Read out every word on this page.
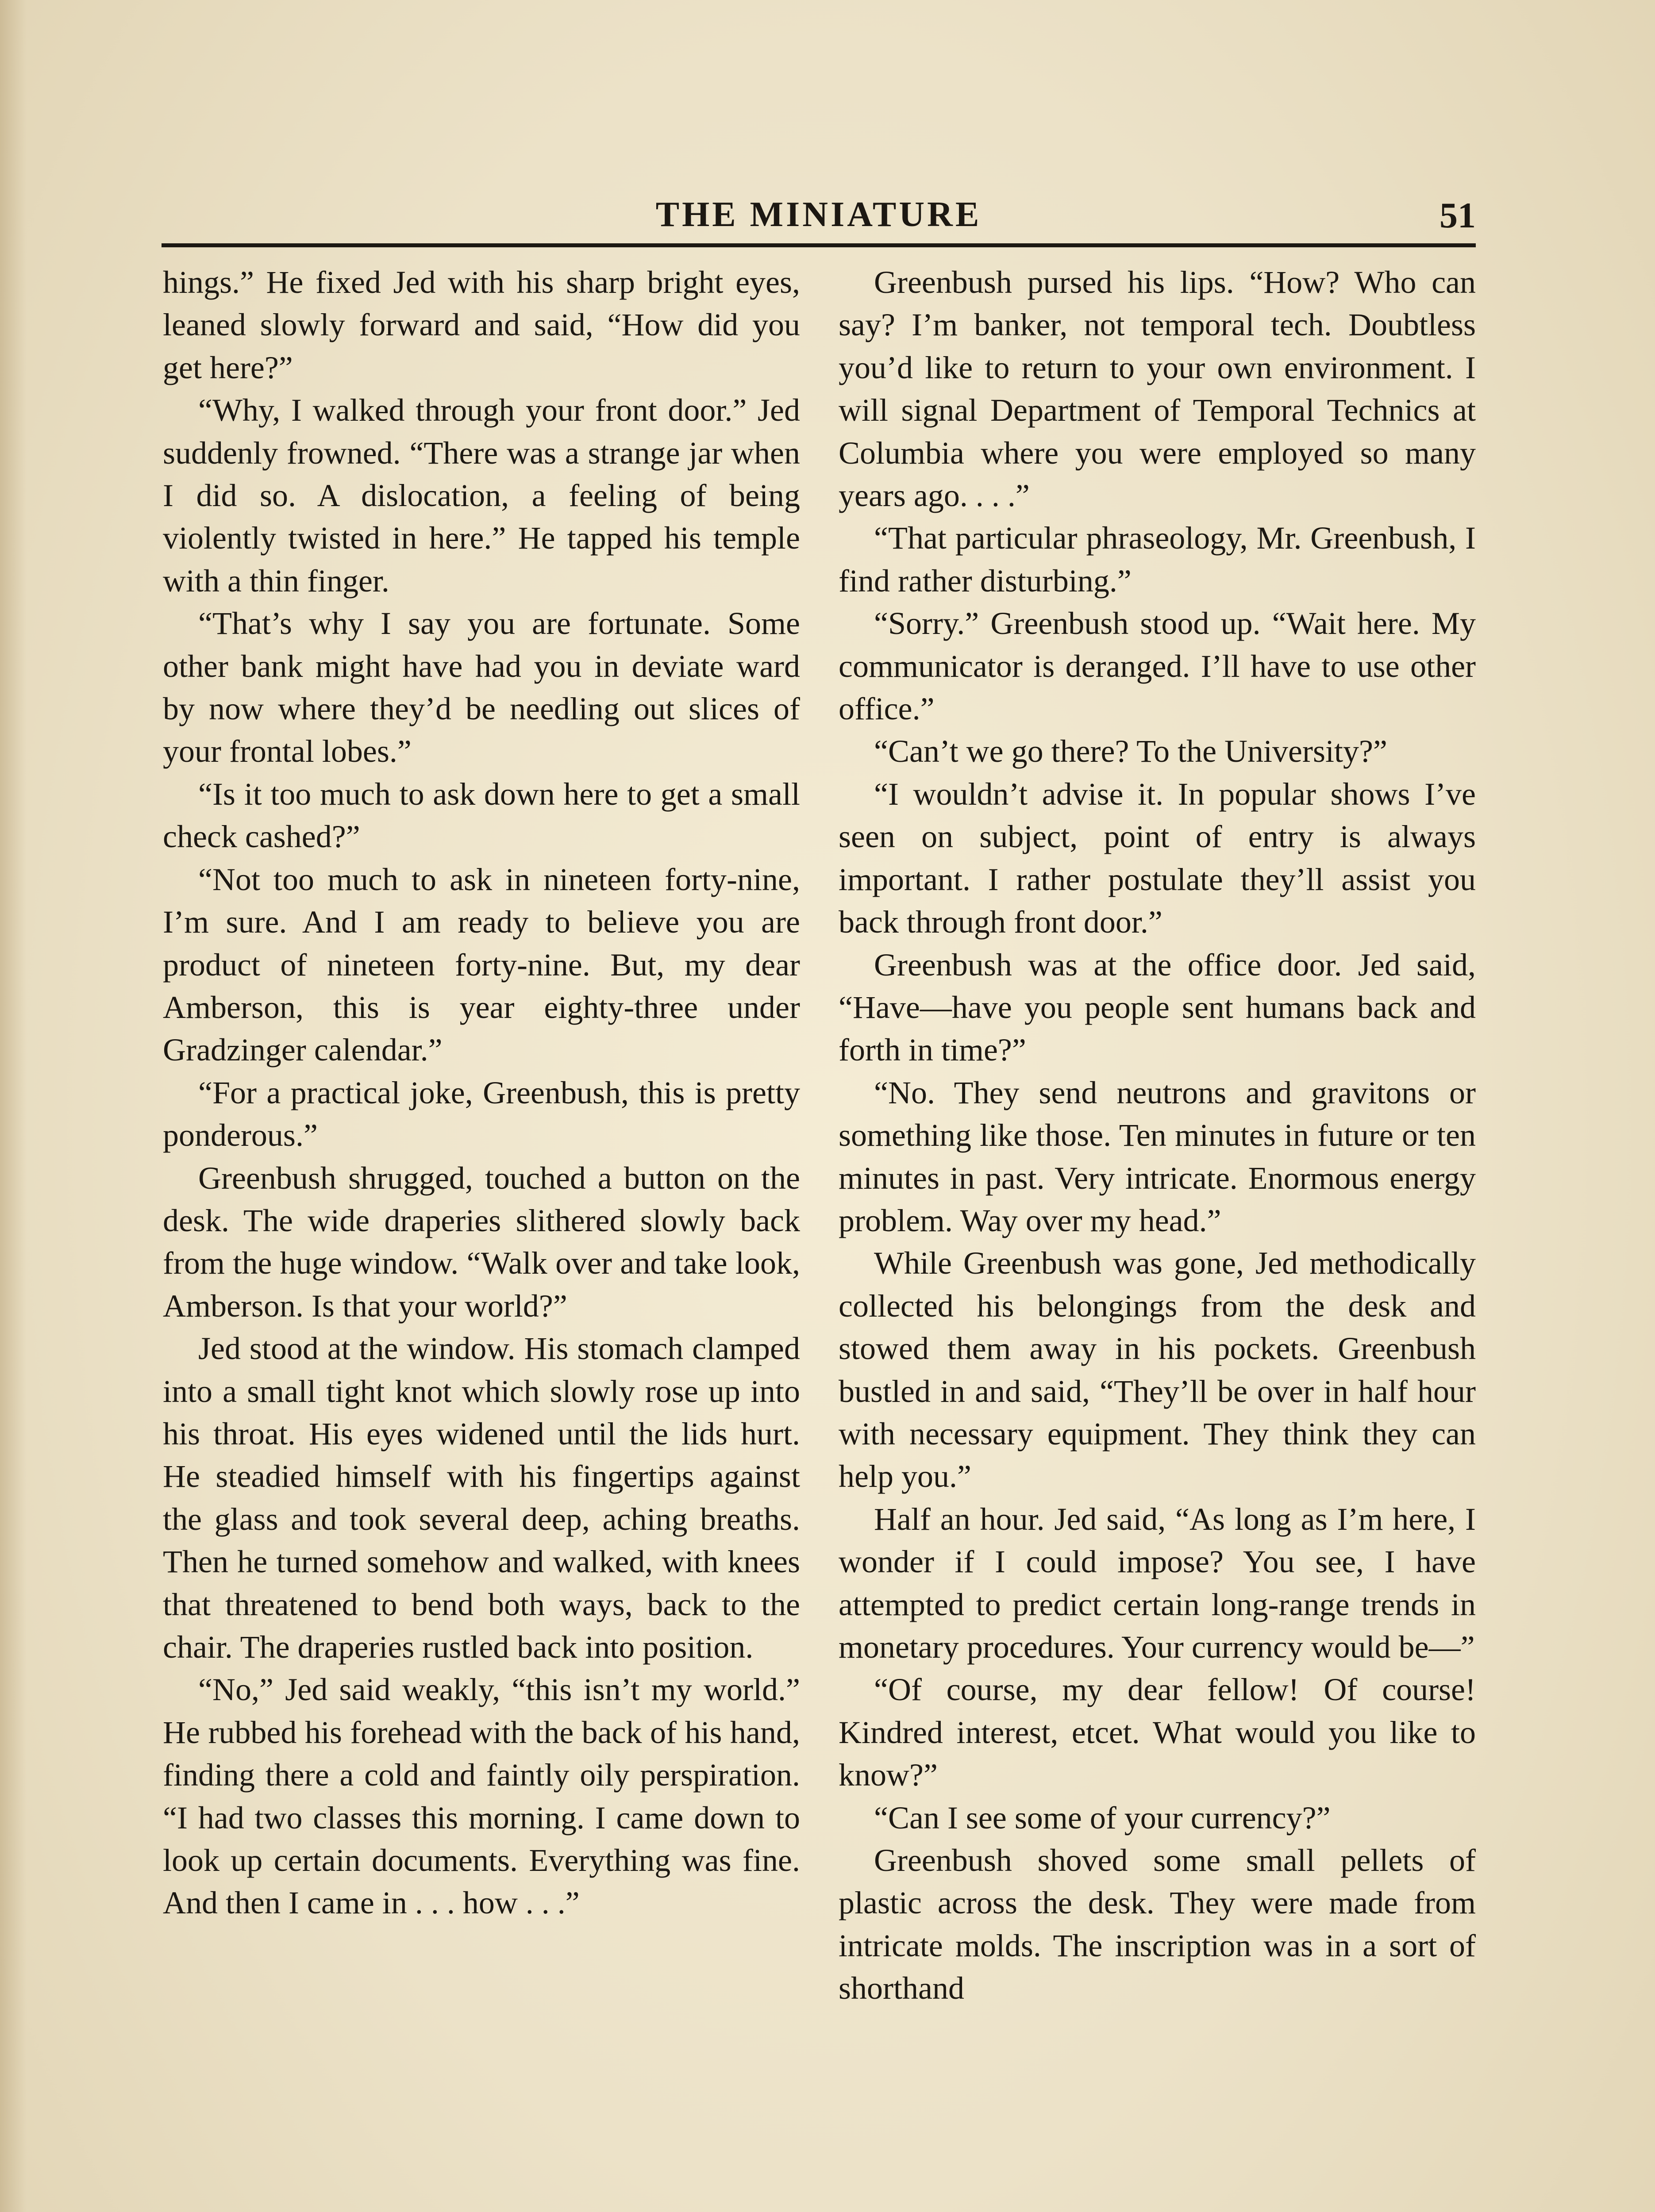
THE MINIATURE	51

hings.” He fixed Jed with his sharp bright eyes, leaned slowly forward and said, “How did you get here?”

“Why, I walked through your front door.” Jed suddenly frowned. “There was a strange jar when I did so. A dislocation, a feeling of being violently twisted in here.” He tapped his temple with a thin finger.

“That’s why I say you are fortunate. Some other bank might have had you in deviate ward by now where they’d be needling out slices of your frontal lobes.”

“Is it too much to ask down here to get a small check cashed?”

“Not too much to ask in nineteen forty-nine, I’m sure. And I am ready to believe you are product of nineteen forty-nine. But, my dear Amberson, this is year eighty-three under Gradzinger calendar.”

“For a practical joke, Greenbush, this is pretty ponderous.”

Greenbush shrugged, touched a button on the desk. The wide draperies slithered slowly back from the huge window. “Walk over and take look, Amberson. Is that your world?”

Jed stood at the window. His stomach clamped into a small tight knot which slowly rose up into his throat. His eyes widened until the lids hurt. He steadied himself with his fingertips against the glass and took several deep, aching breaths. Then he turned somehow and walked, with knees that threatened to bend both ways, back to the chair. The draperies rustled back into position.

“No,” Jed said weakly, “this isn’t my world.” He rubbed his forehead with the back of his hand, finding there a cold and faintly oily perspiration. “I had two classes this morning. I came down to look up certain documents. Everything was fine. And then I came in . . . how . . .”

Greenbush pursed his lips. “How? Who can say? I’m banker, not temporal tech. Doubtless you’d like to return to your own environment. I will signal Department of Temporal Technics at Columbia where you were employed so many years ago. . . .”

“That particular phraseology, Mr. Greenbush, I find rather disturbing.”

“Sorry.” Greenbush stood up. “Wait here. My communicator is deranged. I’ll have to use other office.”

“Can’t we go there? To the University?”

“I wouldn’t advise it. In popular shows I’ve seen on subject, point of entry is always important. I rather postulate they’ll assist you back through front door.”

Greenbush was at the office door. Jed said, “Have—have you people sent humans back and forth in time?”

“No. They send neutrons and gravitons or something like those. Ten minutes in future or ten minutes in past. Very intricate. Enormous energy problem. Way over my head.”

While Greenbush was gone, Jed methodically collected his belongings from the desk and stowed them away in his pockets. Greenbush bustled in and said, “They’ll be over in half hour with necessary equipment. They think they can help you.”

Half an hour. Jed said, “As long as I’m here, I wonder if I could impose? You see, I have attempted to predict certain long-range trends in monetary procedures. Your currency would be—”

“Of course, my dear fellow! Of course! Kindred interest, etcet. What would you like to know?”

“Can I see some of your currency?”

Greenbush shoved some small pellets of plastic across the desk. They were made from intricate molds. The inscription was in a sort of shorthand
